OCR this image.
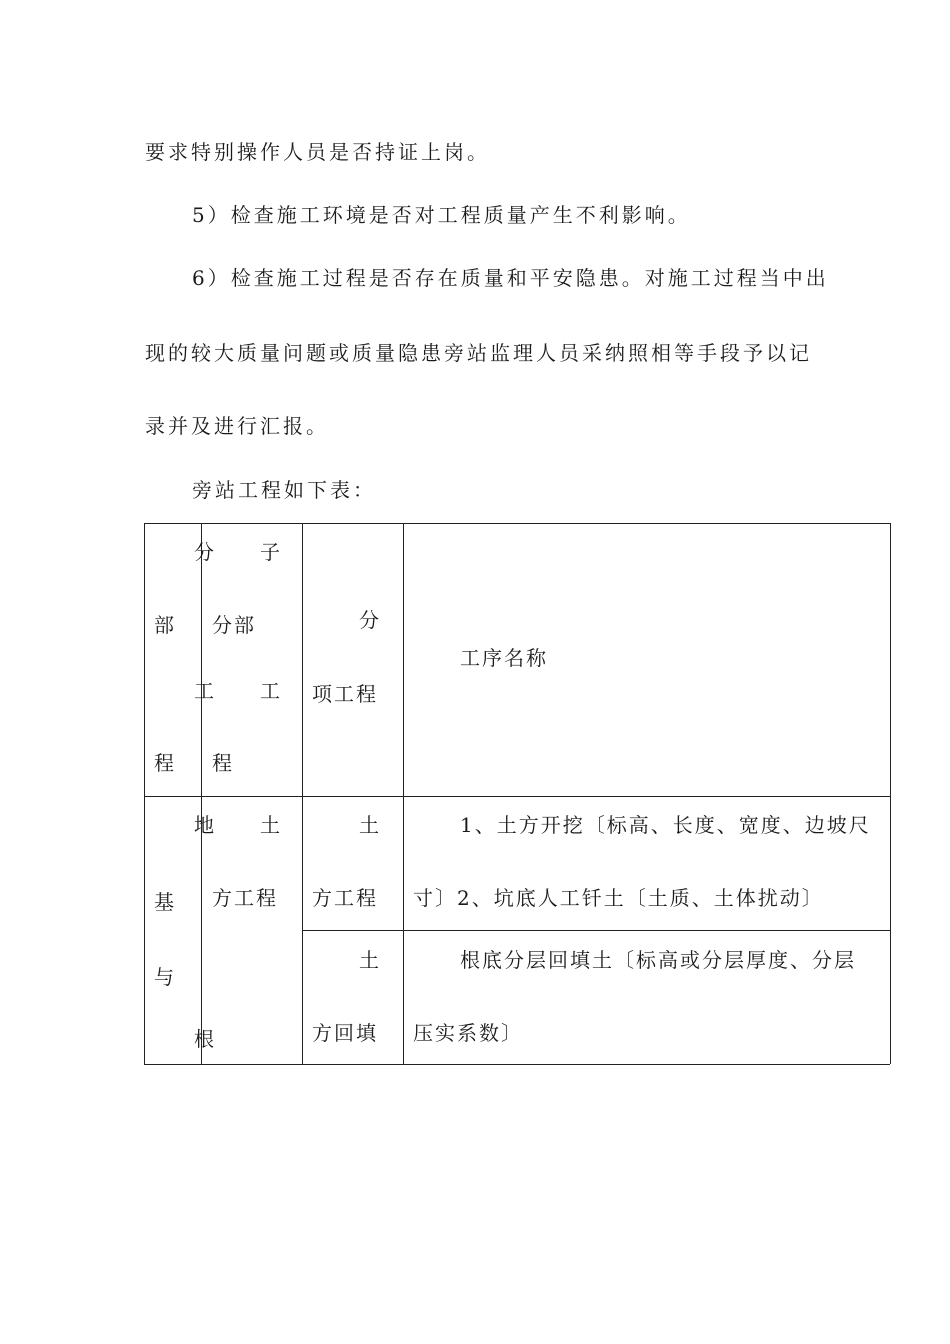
要求特别操作人员是否持证上岗。
5）检查施工环境是否对工程质量产生不利影响。
6）检查施工过程是否存在质量和平安隐患。对施工过程当中出
现的较大质量问题或质量隐患旁站监理人员采纳照相等手段予以记
录并及进行汇报。
旁站工程如下表：
部
程
分 子
分部
工 工
程
分
项工程
工序名称
基
与
根
地 土
方工程
土
方工程
1、土方开挖〔标高、长度、宽度、边坡尺
寸〕2、坑底人工钎土〔土质、土体扰动〕
土
方回填
根底分层回填土〔标高或分层厚度、分层
压实系数〕
